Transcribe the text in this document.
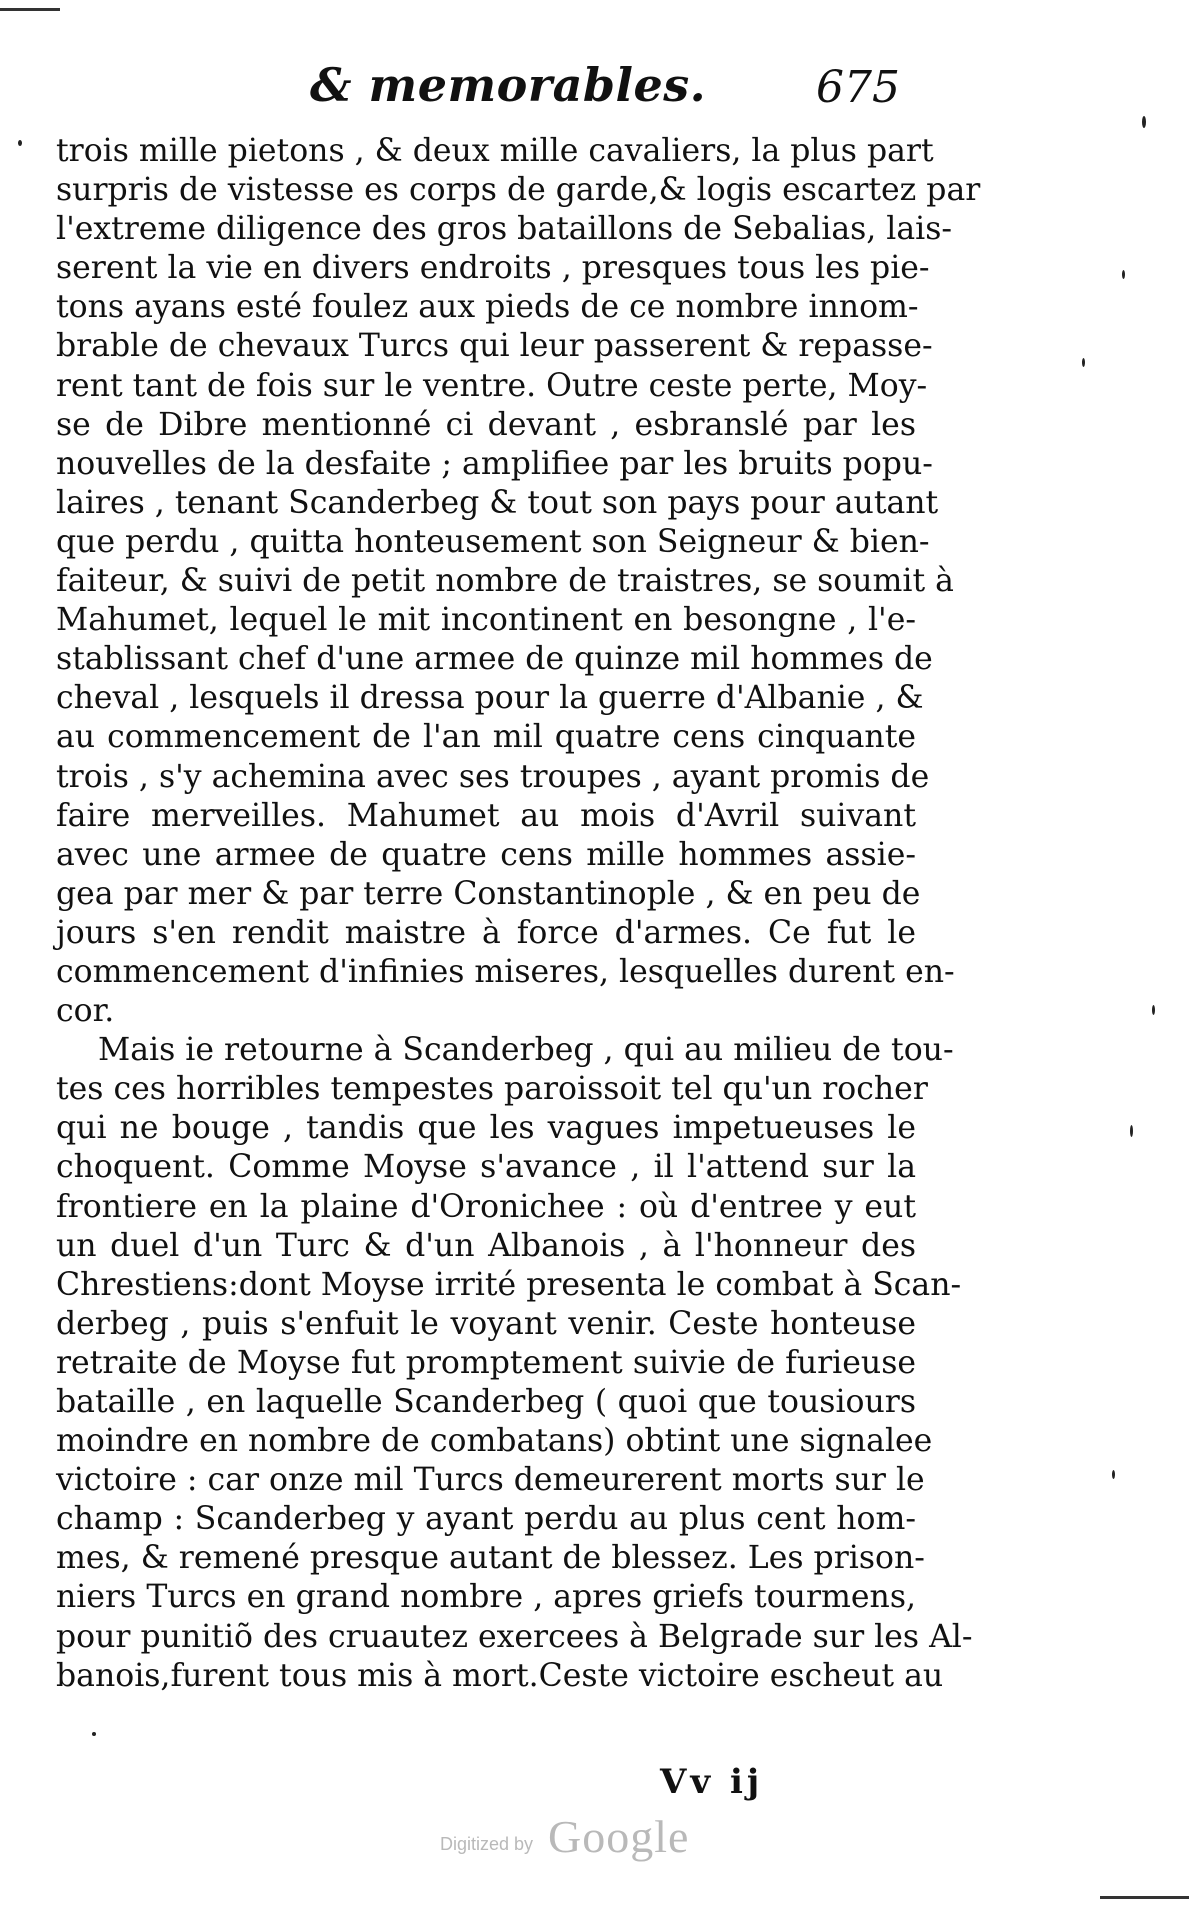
& memorables. 675
trois mille pietons , & deux mille cavaliers, la plus part
surpris de vistesse es corps de garde,& logis escartez par
l'extreme diligence des gros bataillons de Sebalias, lais-
serent la vie en divers endroits , presques tous les pie-
tons ayans esté foulez aux pieds de ce nombre innom-
brable de chevaux Turcs qui leur passerent & repasse-
rent tant de fois sur le ventre. Outre ceste perte, Moy-
se de Dibre mentionné ci devant , esbranslé par les
nouvelles de la desfaite ; amplifiee par les bruits popu-
laires , tenant Scanderbeg & tout son pays pour autant
que perdu , quitta honteusement son Seigneur & bien-
faiteur, & suivi de petit nombre de traistres, se soumit à
Mahumet, lequel le mit incontinent en besongne , l'e-
stablissant chef d'une armee de quinze mil hommes de
cheval , lesquels il dressa pour la guerre d'Albanie , &
au commencement de l'an mil quatre cens cinquante
trois , s'y achemina avec ses troupes , ayant promis de
faire merveilles. Mahumet au mois d'Avril suivant
avec une armee de quatre cens mille hommes assie-
gea par mer & par terre Constantinople , & en peu de
jours s'en rendit maistre à force d'armes. Ce fut le
commencement d'infinies miseres, lesquelles durent en-
cor.
Mais ie retourne à Scanderbeg , qui au milieu de tou-
tes ces horribles tempestes paroissoit tel qu'un rocher
qui ne bouge , tandis que les vagues impetueuses le
choquent. Comme Moyse s'avance , il l'attend sur la
frontiere en la plaine d'Oronichee : où d'entree y eut
un duel d'un Turc & d'un Albanois , à l'honneur des
Chrestiens:dont Moyse irrité presenta le combat à Scan-
derbeg , puis s'enfuit le voyant venir. Ceste honteuse
retraite de Moyse fut promptement suivie de furieuse
bataille , en laquelle Scanderbeg ( quoi que tousiours
moindre en nombre de combatans) obtint une signalee
victoire : car onze mil Turcs demeurerent morts sur le
champ : Scanderbeg y ayant perdu au plus cent hom-
mes, & remené presque autant de blessez. Les prison-
niers Turcs en grand nombre , apres griefs tourmens,
pour punitiõ des cruautez exercees à Belgrade sur les Al-
banois,furent tous mis à mort.Ceste victoire escheut au
Vv ij
Digitized by Google
